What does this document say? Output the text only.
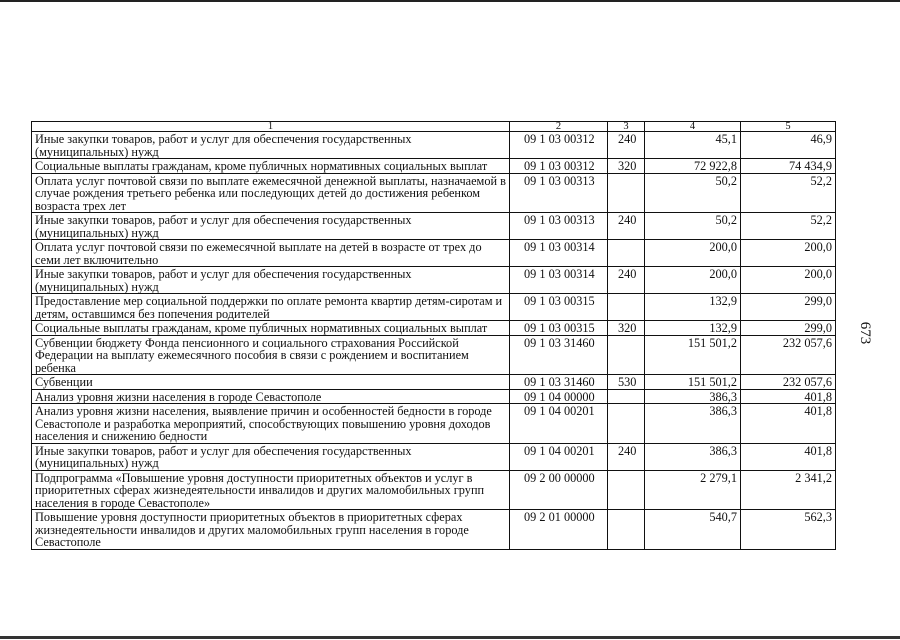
1	2	3	4	5
Иные закупки товаров, работ и услуг для обеспечения государственных (муниципальных) нужд	09 1 03 00312	240	45,1	46,9
Социальные выплаты гражданам, кроме публичных нормативных социальных выплат	09 1 03 00312	320	72 922,8	74 434,9
Оплата услуг почтовой связи по выплате ежемесячной денежной выплаты, назначаемой в случае рождения третьего ребенка или последующих детей до достижения ребенком возраста трех лет	09 1 03 00313		50,2	52,2
Иные закупки товаров, работ и услуг для обеспечения государственных (муниципальных) нужд	09 1 03 00313	240	50,2	52,2
Оплата услуг почтовой связи по ежемесячной выплате на детей в возрасте от трех до семи лет включительно	09 1 03 00314		200,0	200,0
Иные закупки товаров, работ и услуг для обеспечения государственных (муниципальных) нужд	09 1 03 00314	240	200,0	200,0
Предоставление мер социальной поддержки по оплате ремонта квартир детям-сиротам и детям, оставшимся без попечения родителей	09 1 03 00315		132,9	299,0
Социальные выплаты гражданам, кроме публичных нормативных социальных выплат	09 1 03 00315	320	132,9	299,0
Субвенции бюджету Фонда пенсионного и социального страхования Российской Федерации на выплату ежемесячного пособия в связи с рождением и воспитанием ребенка	09 1 03 31460		151 501,2	232 057,6
Субвенции	09 1 03 31460	530	151 501,2	232 057,6
Анализ уровня жизни населения в городе Севастополе	09 1 04 00000		386,3	401,8
Анализ уровня жизни населения, выявление причин и особенностей бедности в городе Севастополе и разработка мероприятий, способствующих повышению уровня доходов населения и снижению бедности	09 1 04 00201		386,3	401,8
Иные закупки товаров, работ и услуг для обеспечения государственных (муниципальных) нужд	09 1 04 00201	240	386,3	401,8
Подпрограмма «Повышение уровня доступности приоритетных объектов и услуг в приоритетных сферах жизнедеятельности инвалидов и других маломобильных групп населения в городе Севастополе»	09 2 00 00000		2 279,1	2 341,2
Повышение уровня доступности приоритетных объектов в приоритетных сферах жизнедеятельности инвалидов и других маломобильных групп населения в городе Севастополе	09 2 01 00000		540,7	562,3
673
